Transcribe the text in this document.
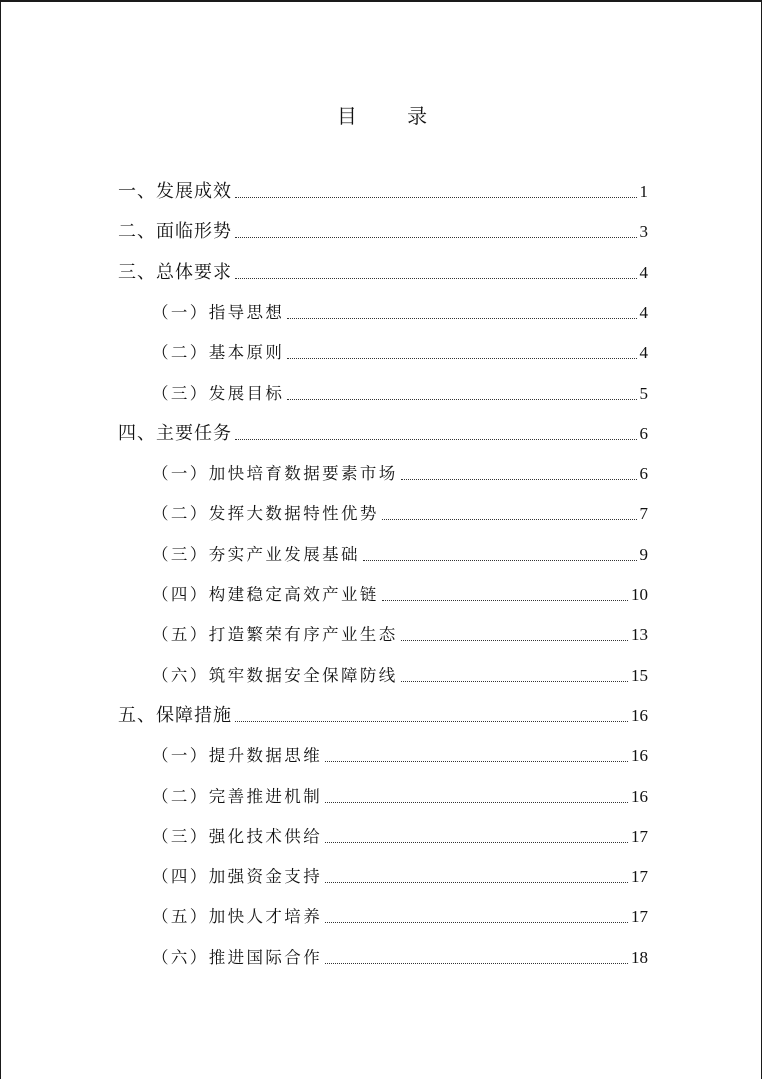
目 录
一、发展成效	1
二、面临形势	3
三、总体要求	4
（一）指导思想	4
（二）基本原则	4
（三）发展目标	5
四、主要任务	6
（一）加快培育数据要素市场	6
（二）发挥大数据特性优势	7
（三）夯实产业发展基础	9
（四）构建稳定高效产业链	10
（五）打造繁荣有序产业生态	13
（六）筑牢数据安全保障防线	15
五、保障措施	16
（一）提升数据思维	16
（二）完善推进机制	16
（三）强化技术供给	17
（四）加强资金支持	17
（五）加快人才培养	17
（六）推进国际合作	18
